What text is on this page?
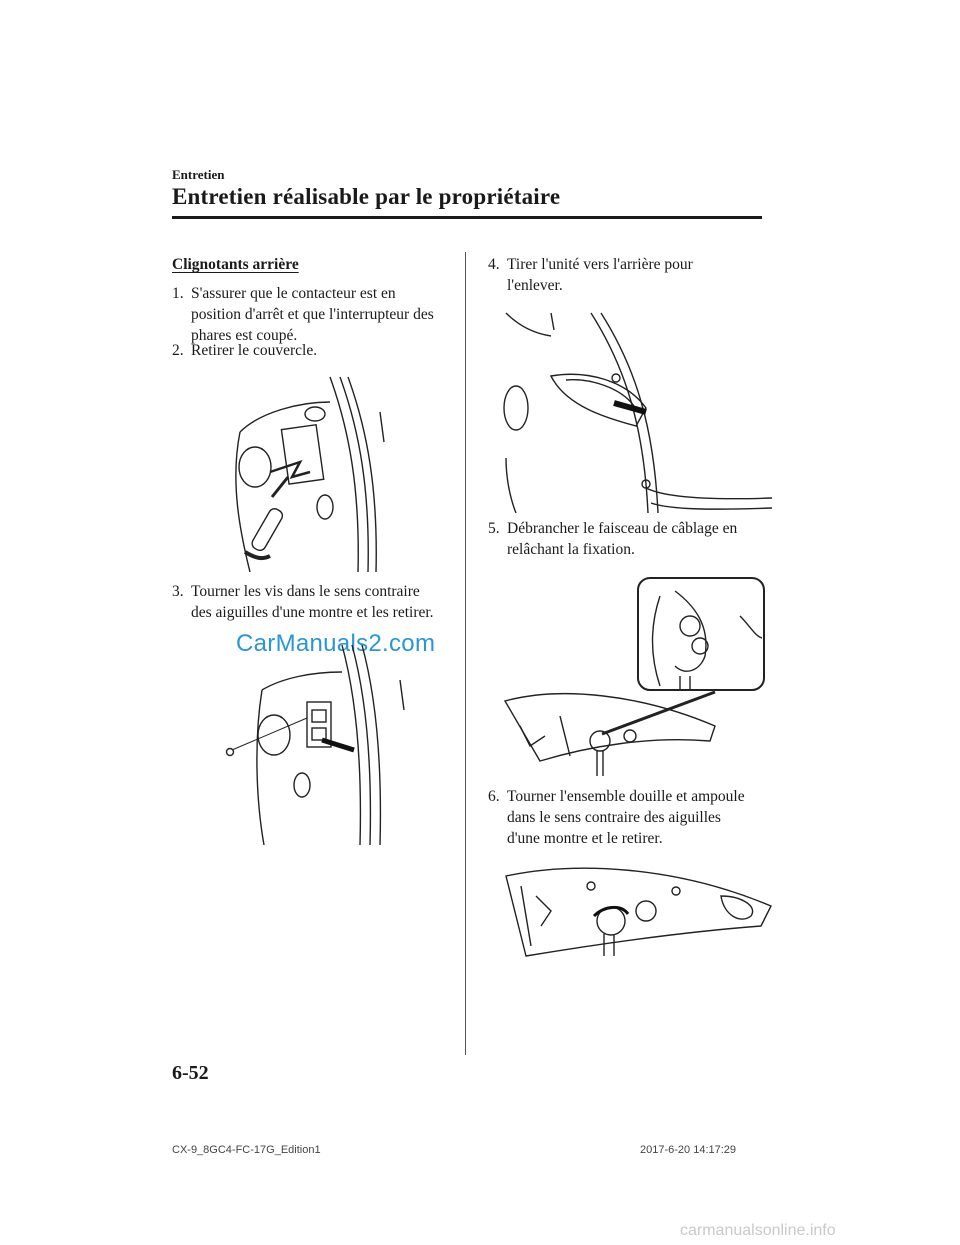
Entretien
Entretien réalisable par le propriétaire
Clignotants arrière
1. S'assurer que le contacteur est en
position d'arrêt et que l'interrupteur des
phares est coupé.
2. Retirer le couvercle.
3. Tourner les vis dans le sens contraire
des aiguilles d'une montre et les retirer.
CarManuals2.com
4. Tirer l'unité vers l'arrière pour
l'enlever.
5. Débrancher le faisceau de câblage en
relâchant la fixation.
6. Tourner l'ensemble douille et ampoule
dans le sens contraire des aiguilles
d'une montre et le retirer.
6-52
CX-9_8GC4-FC-17G_Edition1	2017-6-20 14:17:29
carmanualsonline.info
